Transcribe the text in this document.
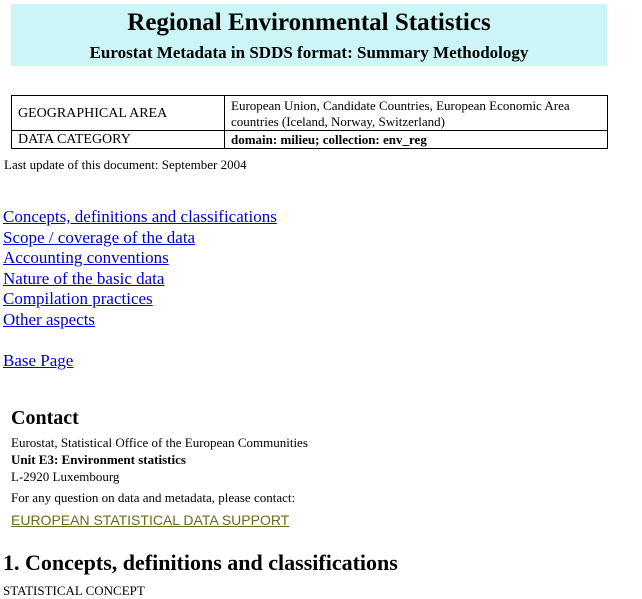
Regional Environmental Statistics
Eurostat Metadata in SDDS format: Summary Methodology
GEOGRAPHICAL AREA	European Union, Candidate Countries, European Economic Area countries (Iceland, Norway, Switzerland)
DATA CATEGORY	domain: milieu; collection: env_reg
Last update of this document: September 2004
Concepts, definitions and classifications
Scope / coverage of the data
Accounting conventions
Nature of the basic data
Compilation practices
Other aspects
Base Page
Contact
Eurostat, Statistical Office of the European Communities
Unit E3: Environment statistics
L-2920 Luxembourg
For any question on data and metadata, please contact:
EUROPEAN STATISTICAL DATA SUPPORT
1. Concepts, definitions and classifications
STATISTICAL CONCEPT
